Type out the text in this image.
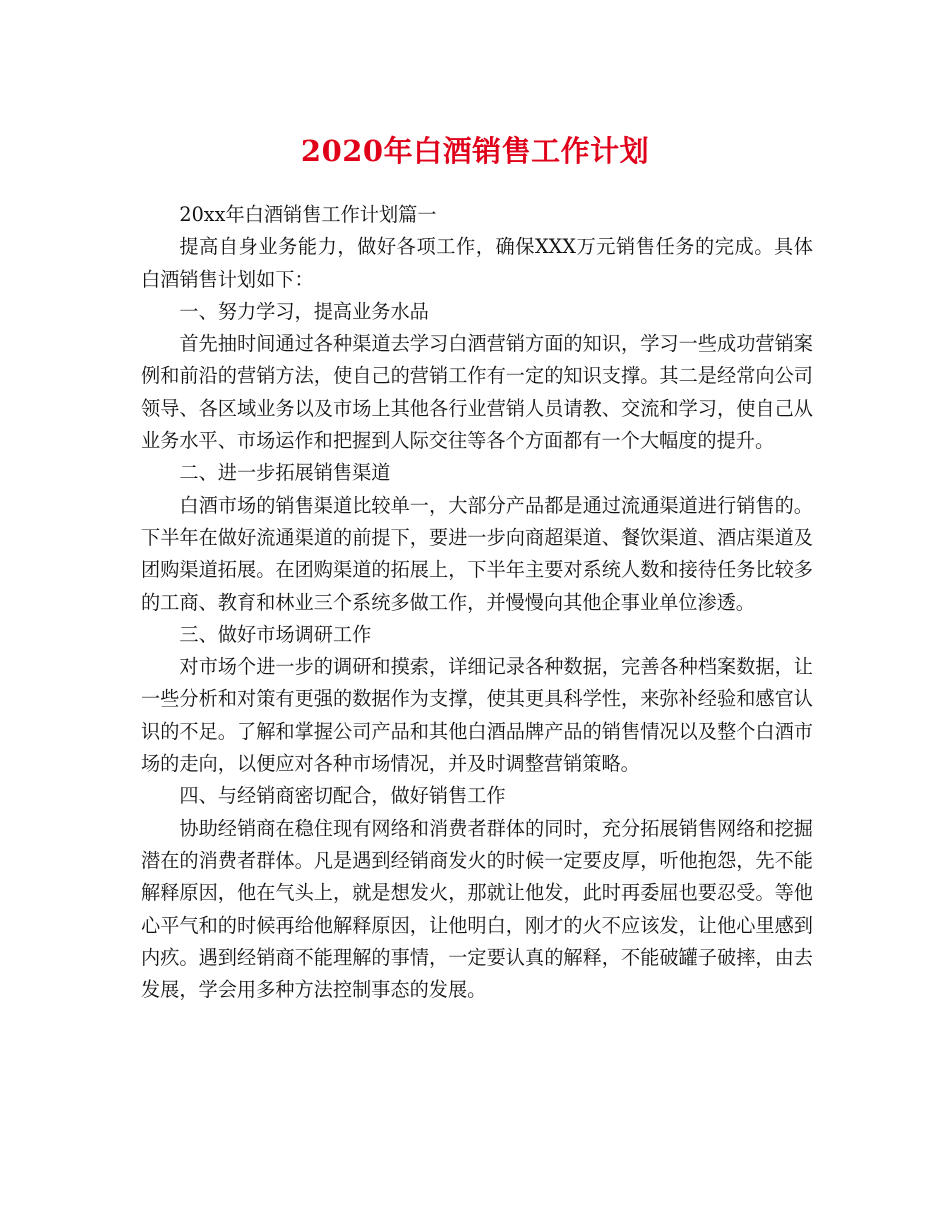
2020年白酒销售工作计划

20xx年白酒销售工作计划篇一

提高自身业务能力，做好各项工作，确保XXX万元销售任务的完成。具体白酒销售计划如下：

一、努力学习，提高业务水品

首先抽时间通过各种渠道去学习白酒营销方面的知识，学习一些成功营销案例和前沿的营销方法，使自己的营销工作有一定的知识支撑。其二是经常向公司领导、各区域业务以及市场上其他各行业营销人员请教、交流和学习，使自己从业务水平、市场运作和把握到人际交往等各个方面都有一个大幅度的提升。

二、进一步拓展销售渠道

白酒市场的销售渠道比较单一，大部分产品都是通过流通渠道进行销售的。下半年在做好流通渠道的前提下，要进一步向商超渠道、餐饮渠道、酒店渠道及团购渠道拓展。在团购渠道的拓展上，下半年主要对系统人数和接待任务比较多的工商、教育和林业三个系统多做工作，并慢慢向其他企事业单位渗透。

三、做好市场调研工作

对市场个进一步的调研和摸索，详细记录各种数据，完善各种档案数据，让一些分析和对策有更强的数据作为支撑，使其更具科学性，来弥补经验和感官认识的不足。了解和掌握公司产品和其他白酒品牌产品的销售情况以及整个白酒市场的走向，以便应对各种市场情况，并及时调整营销策略。

四、与经销商密切配合，做好销售工作

协助经销商在稳住现有网络和消费者群体的同时，充分拓展销售网络和挖掘潜在的消费者群体。凡是遇到经销商发火的时候一定要皮厚，听他抱怨，先不能解释原因，他在气头上，就是想发火，那就让他发，此时再委屈也要忍受。等他心平气和的时候再给他解释原因，让他明白，刚才的火不应该发，让他心里感到内疚。遇到经销商不能理解的事情，一定要认真的解释，不能破罐子破摔，由去发展，学会用多种方法控制事态的发展。
